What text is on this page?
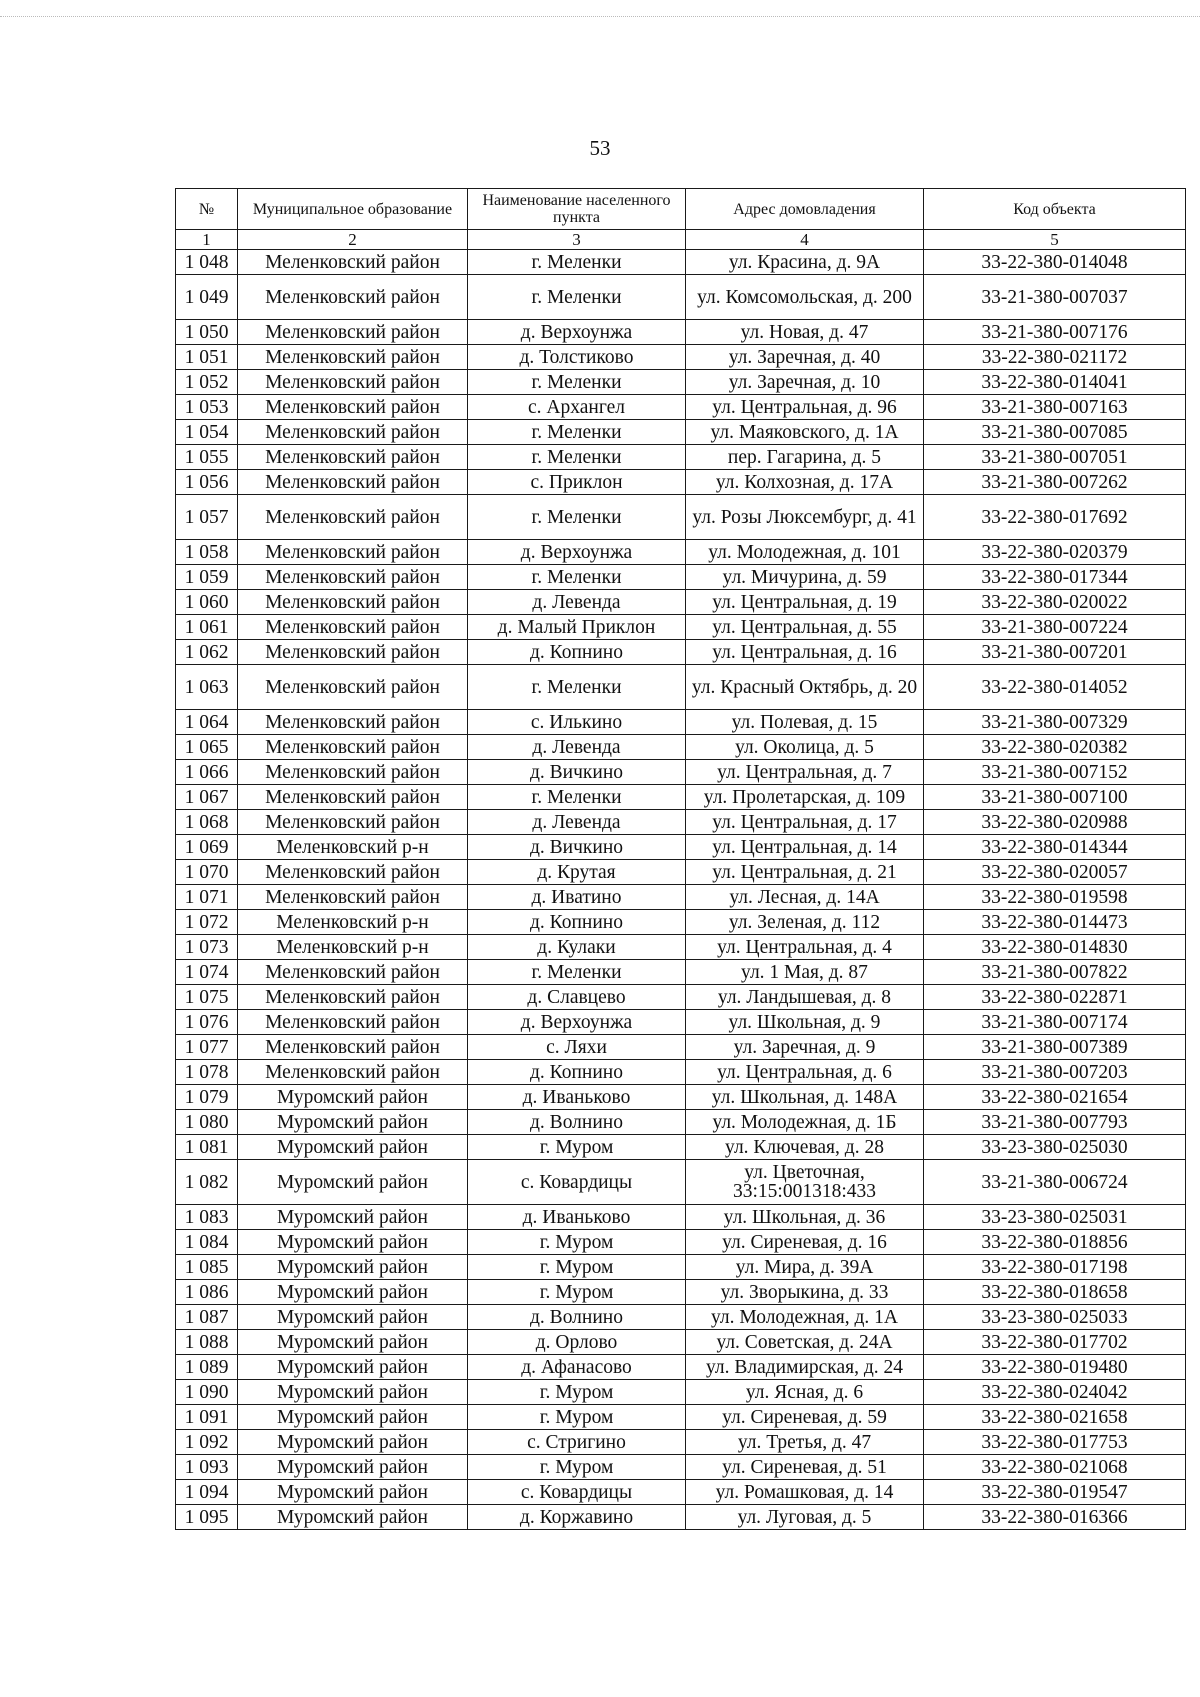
53
№	Муниципальное образование	Наименование населенного пункта	Адрес домовладения	Код объекта
1	2	3	4	5
1 048	Меленковский район	г. Меленки	ул. Красина, д. 9А	33-22-380-014048
1 049	Меленковский район	г. Меленки	ул. Комсомольская, д. 200	33-21-380-007037
1 050	Меленковский район	д. Верхоунжа	ул. Новая, д. 47	33-21-380-007176
1 051	Меленковский район	д. Толстиково	ул. Заречная, д. 40	33-22-380-021172
1 052	Меленковский район	г. Меленки	ул. Заречная, д. 10	33-22-380-014041
1 053	Меленковский район	с. Архангел	ул. Центральная, д. 96	33-21-380-007163
1 054	Меленковский район	г. Меленки	ул. Маяковского, д. 1А	33-21-380-007085
1 055	Меленковский район	г. Меленки	пер. Гагарина, д. 5	33-21-380-007051
1 056	Меленковский район	с. Приклон	ул. Колхозная, д. 17А	33-21-380-007262
1 057	Меленковский район	г. Меленки	ул. Розы Люксембург, д. 41	33-22-380-017692
1 058	Меленковский район	д. Верхоунжа	ул. Молодежная, д. 101	33-22-380-020379
1 059	Меленковский район	г. Меленки	ул. Мичурина, д. 59	33-22-380-017344
1 060	Меленковский район	д. Левенда	ул. Центральная, д. 19	33-22-380-020022
1 061	Меленковский район	д. Малый Приклон	ул. Центральная, д. 55	33-21-380-007224
1 062	Меленковский район	д. Копнино	ул. Центральная, д. 16	33-21-380-007201
1 063	Меленковский район	г. Меленки	ул. Красный Октябрь, д. 20	33-22-380-014052
1 064	Меленковский район	с. Илькино	ул. Полевая, д. 15	33-21-380-007329
1 065	Меленковский район	д. Левенда	ул. Околица, д. 5	33-22-380-020382
1 066	Меленковский район	д. Вичкино	ул. Центральная, д. 7	33-21-380-007152
1 067	Меленковский район	г. Меленки	ул. Пролетарская, д. 109	33-21-380-007100
1 068	Меленковский район	д. Левенда	ул. Центральная, д. 17	33-22-380-020988
1 069	Меленковский р-н	д. Вичкино	ул. Центральная, д. 14	33-22-380-014344
1 070	Меленковский район	д. Крутая	ул. Центральная, д. 21	33-22-380-020057
1 071	Меленковский район	д. Иватино	ул. Лесная, д. 14А	33-22-380-019598
1 072	Меленковский р-н	д. Копнино	ул. Зеленая, д. 112	33-22-380-014473
1 073	Меленковский р-н	д. Кулаки	ул. Центральная, д. 4	33-22-380-014830
1 074	Меленковский район	г. Меленки	ул. 1 Мая, д. 87	33-21-380-007822
1 075	Меленковский район	д. Славцево	ул. Ландышевая, д. 8	33-22-380-022871
1 076	Меленковский район	д. Верхоунжа	ул. Школьная, д. 9	33-21-380-007174
1 077	Меленковский район	с. Ляхи	ул. Заречная, д. 9	33-21-380-007389
1 078	Меленковский район	д. Копнино	ул. Центральная, д. 6	33-21-380-007203
1 079	Муромский район	д. Иваньково	ул. Школьная, д. 148А	33-22-380-021654
1 080	Муромский район	д. Волнино	ул. Молодежная, д. 1Б	33-21-380-007793
1 081	Муромский район	г. Муром	ул. Ключевая, д. 28	33-23-380-025030
1 082	Муромский район	с. Ковардицы	ул. Цветочная, 33:15:001318:433	33-21-380-006724
1 083	Муромский район	д. Иваньково	ул. Школьная, д. 36	33-23-380-025031
1 084	Муромский район	г. Муром	ул. Сиреневая, д. 16	33-22-380-018856
1 085	Муромский район	г. Муром	ул. Мира, д. 39А	33-22-380-017198
1 086	Муромский район	г. Муром	ул. Зворыкина, д. 33	33-22-380-018658
1 087	Муромский район	д. Волнино	ул. Молодежная, д. 1А	33-23-380-025033
1 088	Муромский район	д. Орлово	ул. Советская, д. 24А	33-22-380-017702
1 089	Муромский район	д. Афанасово	ул. Владимирская, д. 24	33-22-380-019480
1 090	Муромский район	г. Муром	ул. Ясная, д. 6	33-22-380-024042
1 091	Муромский район	г. Муром	ул. Сиреневая, д. 59	33-22-380-021658
1 092	Муромский район	с. Стригино	ул. Третья, д. 47	33-22-380-017753
1 093	Муромский район	г. Муром	ул. Сиреневая, д. 51	33-22-380-021068
1 094	Муромский район	с. Ковардицы	ул. Ромашковая, д. 14	33-22-380-019547
1 095	Муромский район	д. Коржавино	ул. Луговая, д. 5	33-22-380-016366
